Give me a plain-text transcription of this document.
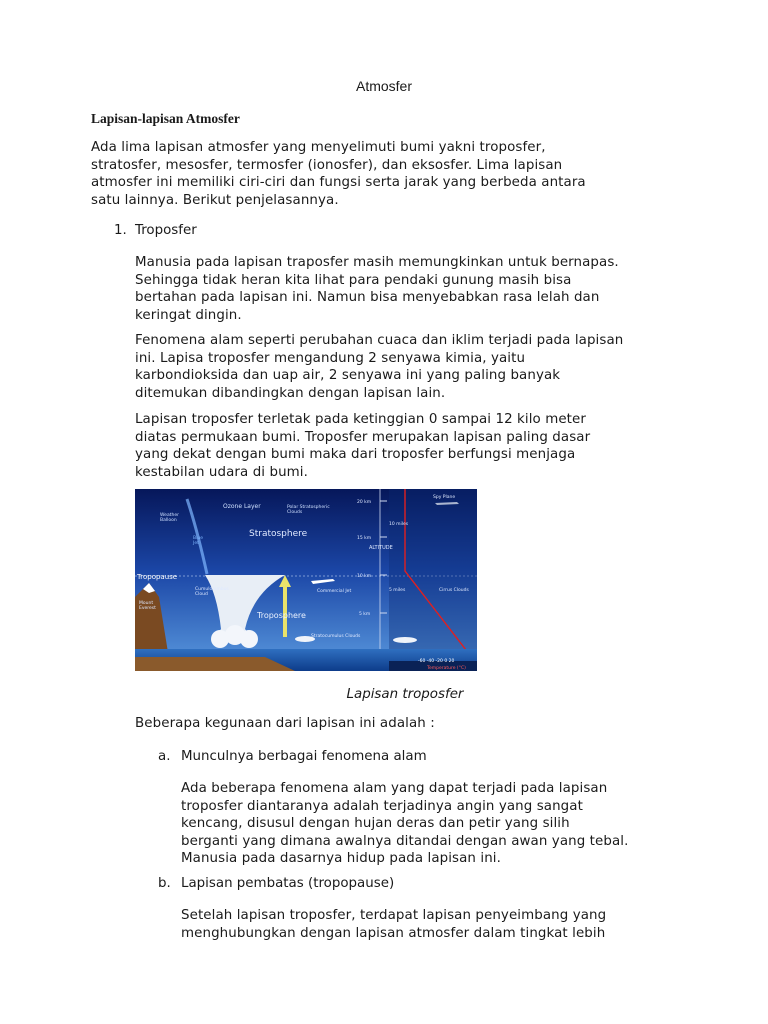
Atmosfer
Lapisan-lapisan Atmosfer
Ada lima lapisan atmosfer yang menyelimuti bumi yakni troposfer,
stratosfer, mesosfer, termosfer (ionosfer), dan eksosfer. Lima lapisan
atmosfer ini memiliki ciri-ciri dan fungsi serta jarak yang berbeda antara
satu lainnya. Berikut penjelasannya.
1. Troposfer
Manusia pada lapisan traposfer masih memungkinkan untuk bernapas.
Sehingga tidak heran kita lihat para pendaki gunung masih bisa
bertahan pada lapisan ini. Namun bisa menyebabkan rasa lelah dan
keringat dingin.
Fenomena alam seperti perubahan cuaca dan iklim terjadi pada lapisan
ini. Lapisa troposfer mengandung 2 senyawa kimia, yaitu
karbondioksida dan uap air, 2 senyawa ini yang paling banyak
ditemukan dibandingkan dengan lapisan lain.
Lapisan troposfer terletak pada ketinggian 0 sampai 12 kilo meter
diatas permukaan bumi. Troposfer merupakan lapisan paling dasar
yang dekat dengan bumi maka dari troposfer berfungsi menjaga
kestabilan udara di bumi.
Ozone Layer	Polar Stratospheric Clouds
Weather Balloon
Stratosphere
Blue Jet
ALTITUDE
Tropopause
Cumulonimbus Cloud
Commercial Jet
Mount Everest
Troposphere
Stratocumulus Clouds
Cirrus Clouds
Spy Plane
20 km
15 km
10 km
5 km
10 miles
5 miles
-60 -40 -20 0 20
Temperature (°C)
Lapisan troposfer
Beberapa kegunaan dari lapisan ini adalah :
a. Munculnya berbagai fenomena alam
Ada beberapa fenomena alam yang dapat terjadi pada lapisan
troposfer diantaranya adalah terjadinya angin yang sangat
kencang, disusul dengan hujan deras dan petir yang silih
berganti yang dimana awalnya ditandai dengan awan yang tebal.
Manusia pada dasarnya hidup pada lapisan ini.
b. Lapisan pembatas (tropopause)
Setelah lapisan troposfer, terdapat lapisan penyeimbang yang
menghubungkan dengan lapisan atmosfer dalam tingkat lebih
